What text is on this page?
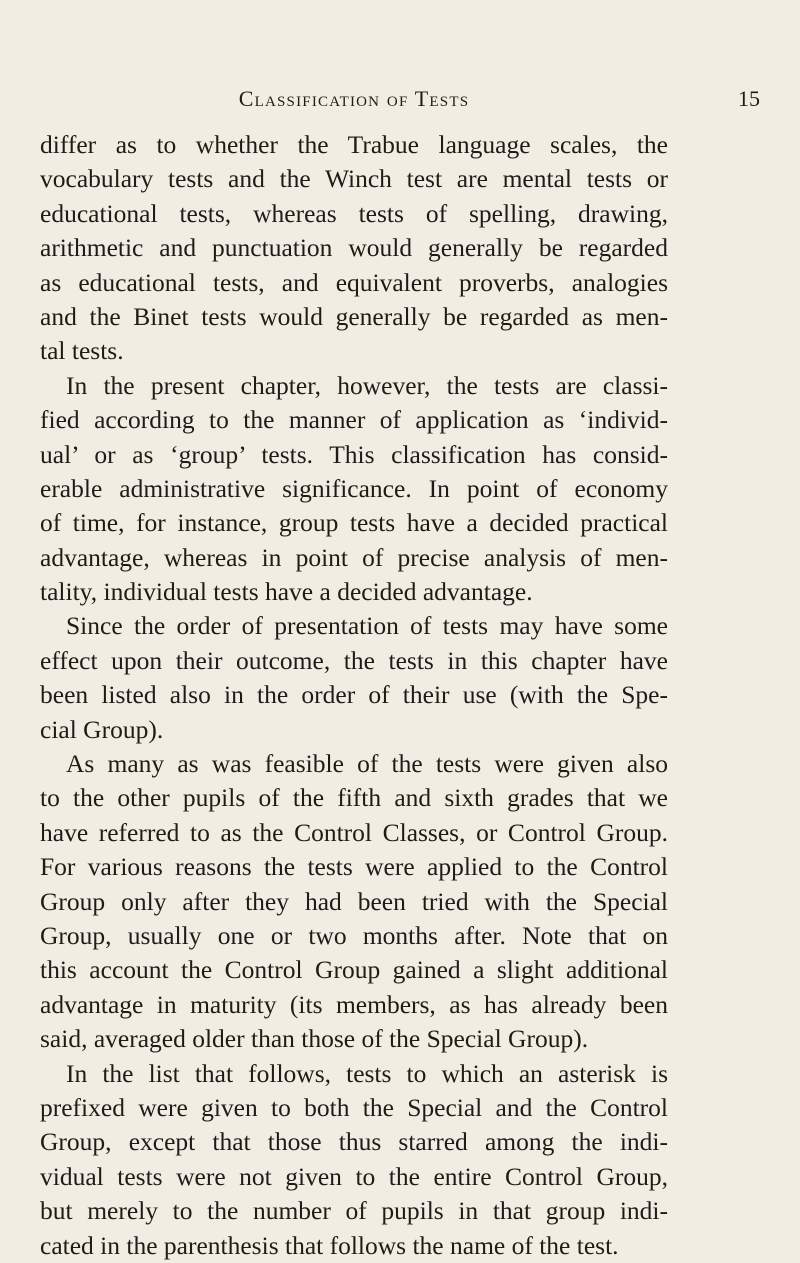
Classification of Tests	15
differ as to whether the Trabue language scales, the
vocabulary tests and the Winch test are mental tests or
educational tests, whereas tests of spelling, drawing,
arithmetic and punctuation would generally be regarded
as educational tests, and equivalent proverbs, analogies
and the Binet tests would generally be regarded as men-
tal tests.
In the present chapter, however, the tests are classi-
fied according to the manner of application as ‘individ-
ual’ or as ‘group’ tests. This classification has consid-
erable administrative significance. In point of economy
of time, for instance, group tests have a decided practical
advantage, whereas in point of precise analysis of men-
tality, individual tests have a decided advantage.
Since the order of presentation of tests may have some
effect upon their outcome, the tests in this chapter have
been listed also in the order of their use (with the Spe-
cial Group).
As many as was feasible of the tests were given also
to the other pupils of the fifth and sixth grades that we
have referred to as the Control Classes, or Control Group.
For various reasons the tests were applied to the Control
Group only after they had been tried with the Special
Group, usually one or two months after. Note that on
this account the Control Group gained a slight additional
advantage in maturity (its members, as has already been
said, averaged older than those of the Special Group).
In the list that follows, tests to which an asterisk is
prefixed were given to both the Special and the Control
Group, except that those thus starred among the indi-
vidual tests were not given to the entire Control Group,
but merely to the number of pupils in that group indi-
cated in the parenthesis that follows the name of the test.
